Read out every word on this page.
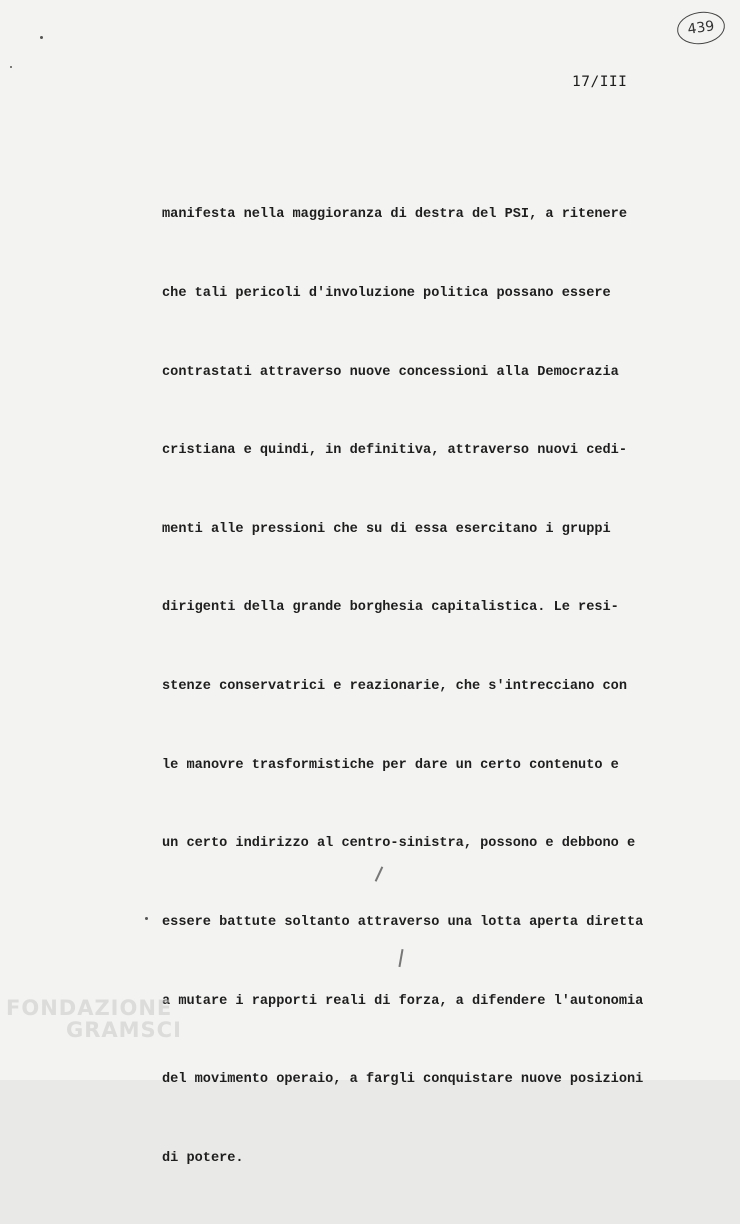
439
17/III

manifesta nella maggioranza di destra del PSI, a ritenere

che tali pericoli d'involuzione politica possano essere

contrastati attraverso nuove concessioni alla Democrazia

cristiana e quindi, in definitiva, attraverso nuovi cedi-

menti alle pressioni che su di essa esercitano i gruppi

dirigenti della grande borghesia capitalistica. Le resi-

stenze conservatrici e reazionarie, che s'intrecciano con

le manovre trasformistiche per dare un certo contenuto e

un certo indirizzo al centro-sinistra, possono e debbono e

essere battute soltanto attraverso una lotta aperta diretta

a mutare i rapporti reali di forza, a difendere l'autonomia

del movimento operaio, a fargli conquistare nuove posizioni

di potere.

FONDAZIONE
GRAMSCI
